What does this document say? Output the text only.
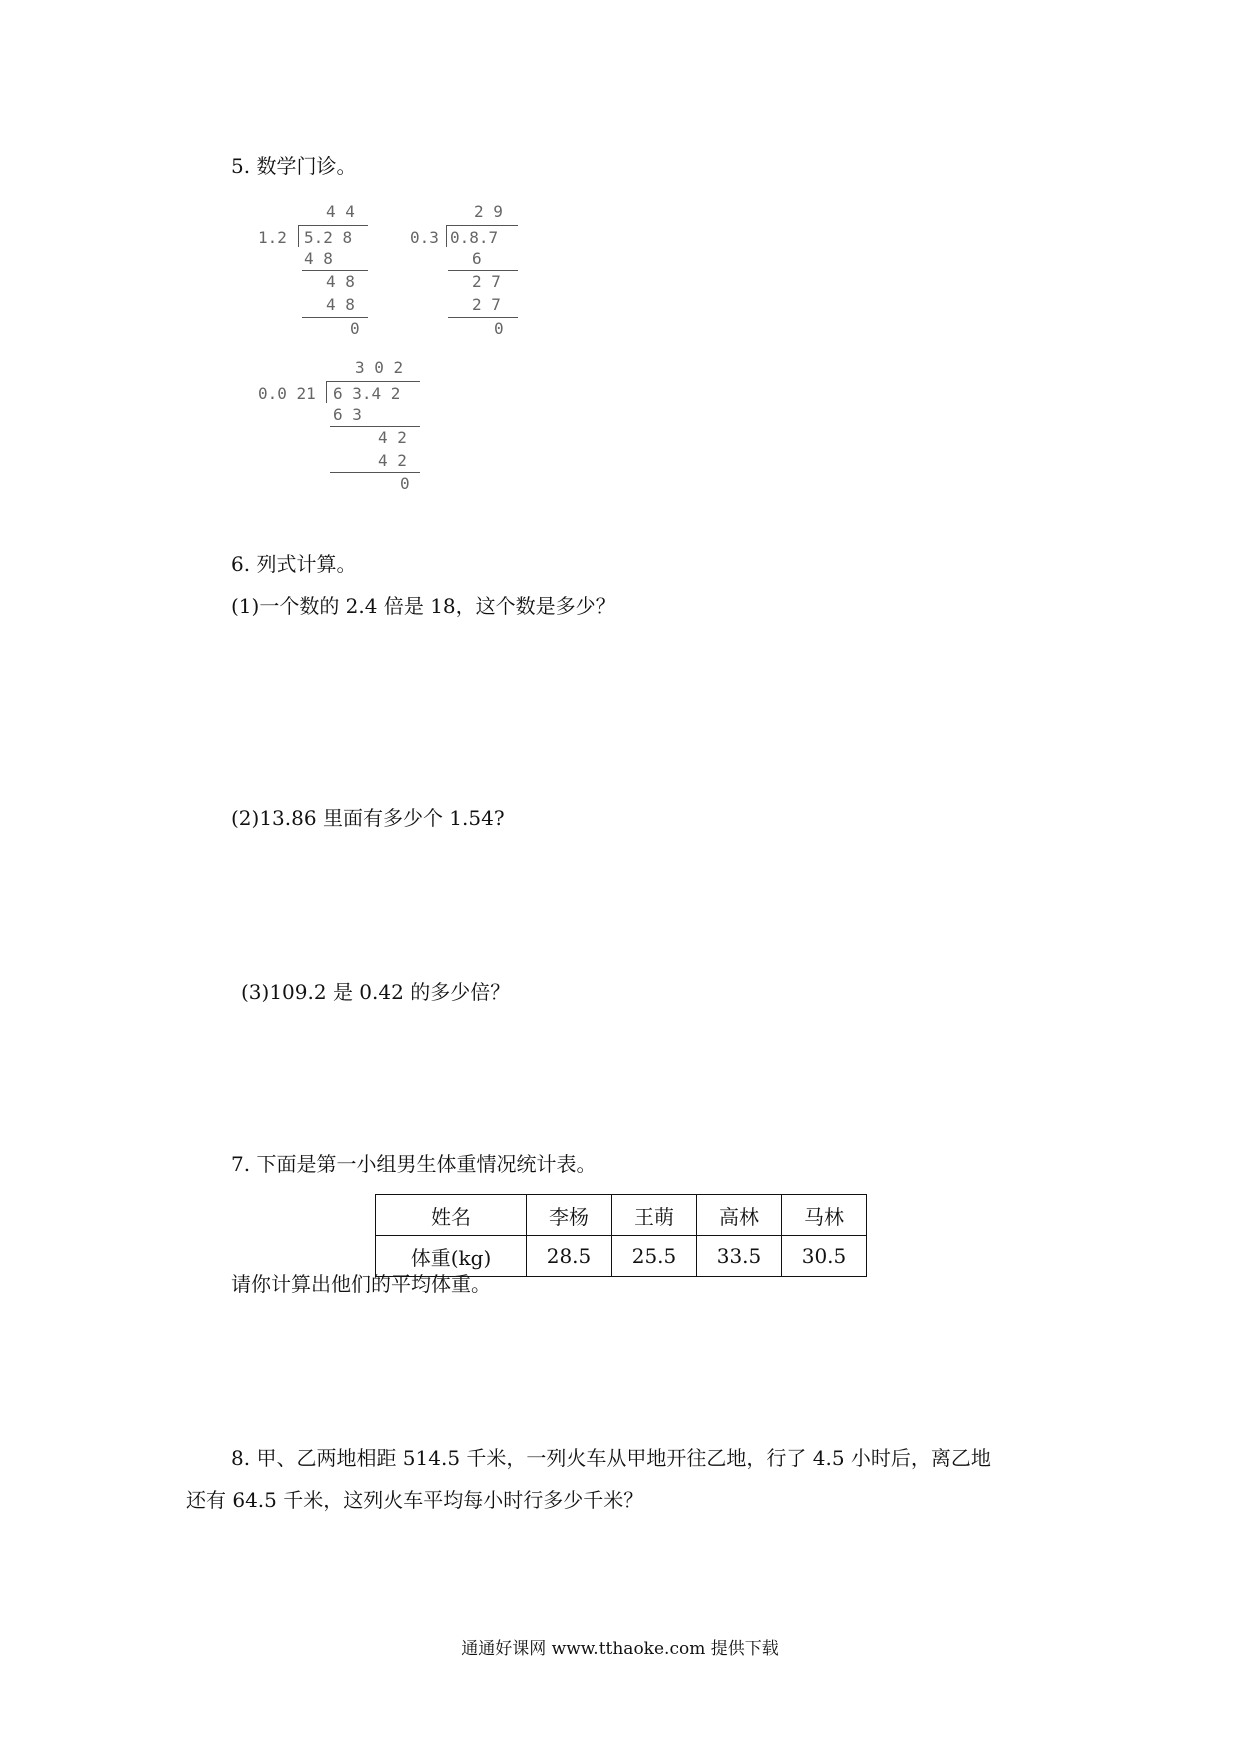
5. 数学门诊。
4 4
1.2 5.2 8
4 8
4 8
4 8
0
2 9
0.3 0.8.7
6
2 7
2 7
0
3 0 2
0.0 21 6 3.4 2
6 3
4 2
4 2
0
6. 列式计算。
(1)一个数的 2.4 倍是 18，这个数是多少？
(2)13.86 里面有多少个 1.54?
(3)109.2 是 0.42 的多少倍？
7. 下面是第一小组男生体重情况统计表。
姓名	李杨	王萌	高林	马林
体重(kg)	28.5	25.5	33.5	30.5
请你计算出他们的平均体重。
8. 甲、乙两地相距 514.5 千米，一列火车从甲地开往乙地，行了 4.5 小时后，离乙地
还有 64.5 千米，这列火车平均每小时行多少千米？
通通好课网 www.tthaoke.com 提供下载
